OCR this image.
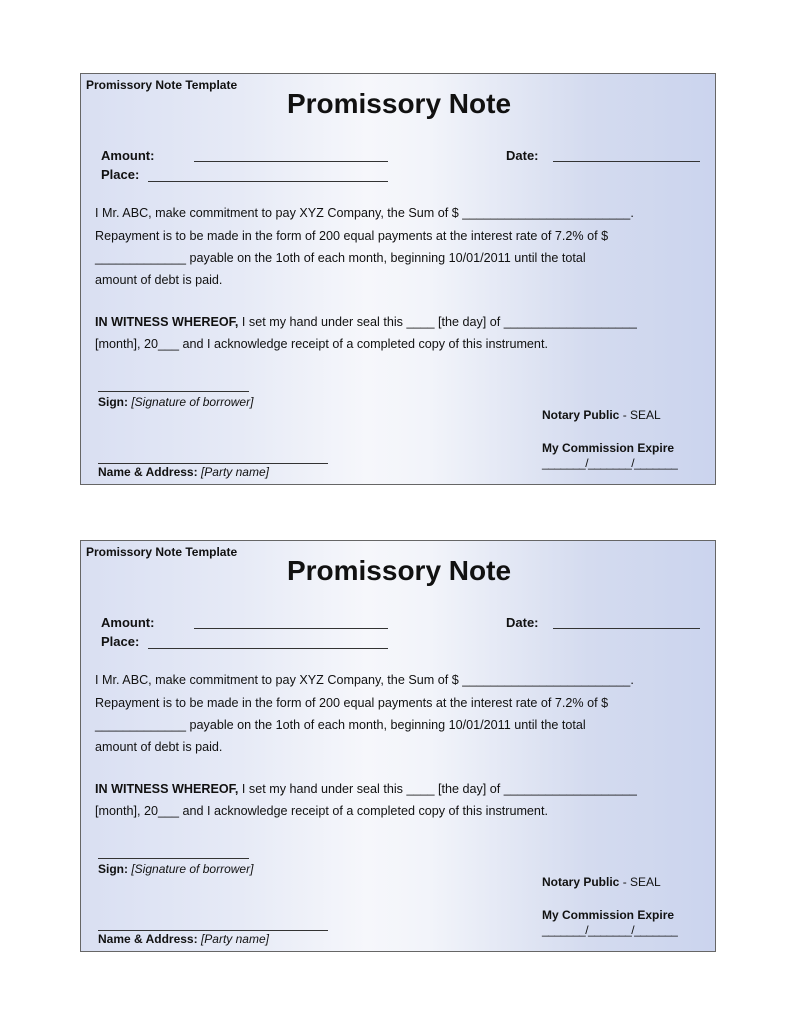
Promissory Note Template
Promissory Note
Amount:	Date:
Place:
I Mr. ABC, make commitment to pay XYZ Company, the Sum of $ ________________________.
Repayment is to be made in the form of 200 equal payments at the interest rate of 7.2% of $
_____________ payable on the 1oth of each month, beginning 10/01/2011 until the total
amount of debt is paid.
IN WITNESS WHEREOF, I set my hand under seal this ____ [the day] of ___________________
[month], 20___ and I acknowledge receipt of a completed copy of this instrument.
Sign: [Signature of borrower]
Name & Address: [Party name]
Notary Public - SEAL
My Commission Expire
_______/_______/_______
Promissory Note Template
Promissory Note
Amount:	Date:
Place:
I Mr. ABC, make commitment to pay XYZ Company, the Sum of $ ________________________.
Repayment is to be made in the form of 200 equal payments at the interest rate of 7.2% of $
_____________ payable on the 1oth of each month, beginning 10/01/2011 until the total
amount of debt is paid.
IN WITNESS WHEREOF, I set my hand under seal this ____ [the day] of ___________________
[month], 20___ and I acknowledge receipt of a completed copy of this instrument.
Sign: [Signature of borrower]
Name & Address: [Party name]
Notary Public - SEAL
My Commission Expire
_______/_______/_______
